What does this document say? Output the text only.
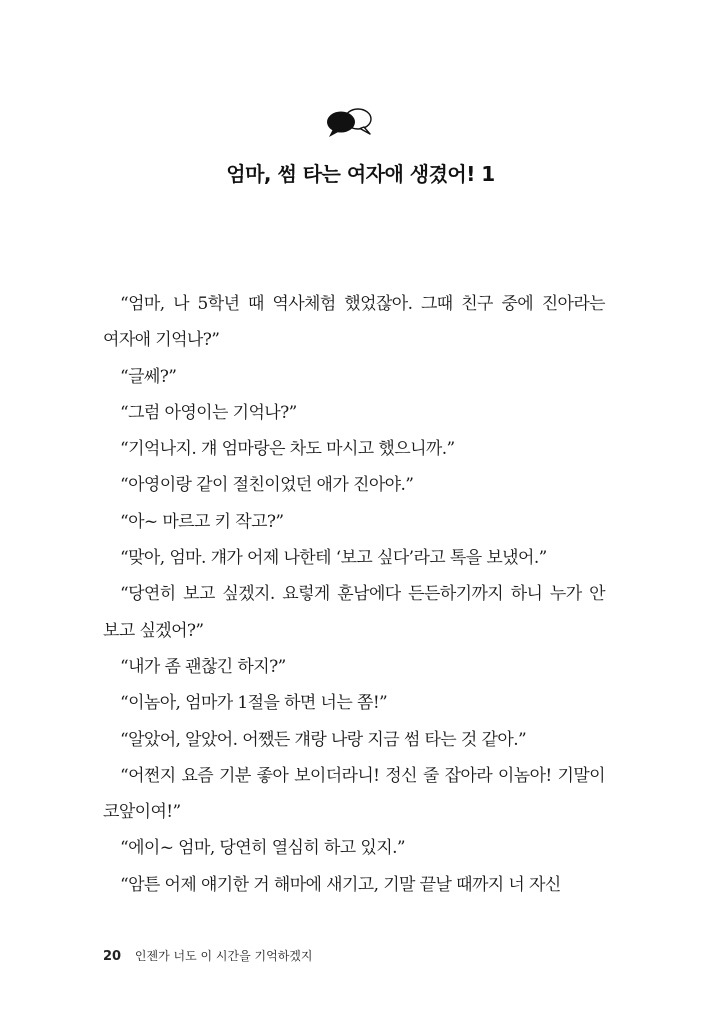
엄마, 썸 타는 여자애 생겼어! 1

“엄마, 나 5학년 때 역사체험 했었잖아. 그때 친구 중에 진아라는 여자애 기억나?”

“글쎄?”

“그럼 아영이는 기억나?”

“기억나지. 걔 엄마랑은 차도 마시고 했으니까.”

“아영이랑 같이 절친이었던 애가 진아야.”

“아~ 마르고 키 작고?”

“맞아, 엄마. 걔가 어제 나한테 ‘보고 싶다’라고 톡을 보냈어.”

“당연히 보고 싶겠지. 요렇게 훈남에다 든든하기까지 하니 누가 안 보고 싶겠어?”

“내가 좀 괜찮긴 하지?”

“이놈아, 엄마가 1절을 하면 너는 쫌!”

“알았어, 알았어. 어쨌든 걔랑 나랑 지금 썸 타는 것 같아.”

“어쩐지 요즘 기분 좋아 보이더라니! 정신 줄 잡아라 이놈아! 기말이 코앞이여!”

“에이~ 엄마, 당연히 열심히 하고 있지.”

“암튼 어제 얘기한 거 해마에 새기고, 기말 끝날 때까지 너 자신

20 인젠가 너도 이 시간을 기억하겠지
